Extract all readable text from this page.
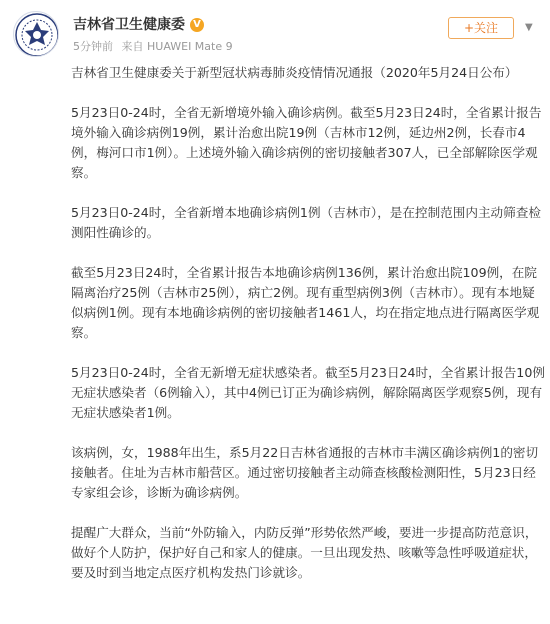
吉林省卫生健康委 V
5分钟前 来自 HUAWEI Mate 9
+关注	▼

吉林省卫生健康委关于新型冠状病毒肺炎疫情情况通报（2020年5月24日公布）

5月23日0-24时，全省无新增境外输入确诊病例。截至5月23日24时，全省累计报告境外输入确诊病例19例，累计治愈出院19例（吉林市12例，延边州2例，长春市4例，梅河口市1例）。上述境外输入确诊病例的密切接触者307人，已全部解除医学观察。

5月23日0-24时，全省新增本地确诊病例1例（吉林市），是在控制范围内主动筛查检测阳性确诊的。

截至5月23日24时，全省累计报告本地确诊病例136例，累计治愈出院109例，在院隔离治疗25例（吉林市25例），病亡2例。现有重型病例3例（吉林市）。现有本地疑似病例1例。现有本地确诊病例的密切接触者1461人，均在指定地点进行隔离医学观察。

5月23日0-24时，全省无新增无症状感染者。截至5月23日24时，全省累计报告10例无症状感染者（6例输入），其中4例已订正为确诊病例，解除隔离医学观察5例，现有无症状感染者1例。

该病例，女，1988年出生，系5月22日吉林省通报的吉林市丰满区确诊病例1的密切接触者。住址为吉林市船营区。通过密切接触者主动筛查核酸检测阳性，5月23日经专家组会诊，诊断为确诊病例。

提醒广大群众，当前“外防输入，内防反弹”形势依然严峻，要进一步提高防范意识，做好个人防护，保护好自己和家人的健康。一旦出现发热、咳嗽等急性呼吸道症状，要及时到当地定点医疗机构发热门诊就诊。
